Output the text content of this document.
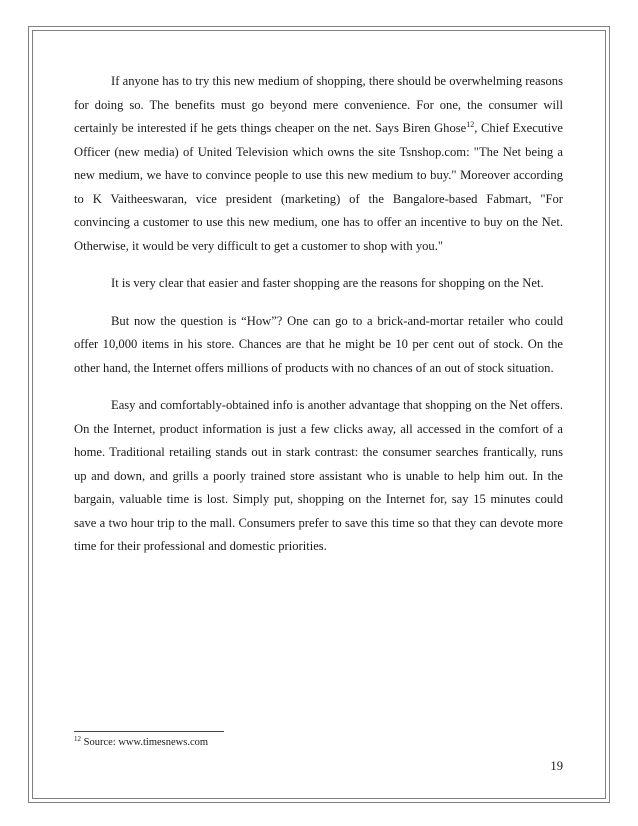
If anyone has to try this new medium of shopping, there should be overwhelming reasons for doing so. The benefits must go beyond mere convenience. For one, the consumer will certainly be interested if he gets things cheaper on the net. Says Biren Ghose$^{12}$, Chief Executive Officer (new media) of United Television which owns the site Tsnshop.com: "The Net being a new medium, we have to convince people to use this new medium to buy." Moreover according to K Vaitheeswaran, vice president (marketing) of the Bangalore-based Fabmart, "For convincing a customer to use this new medium, one has to offer an incentive to buy on the Net. Otherwise, it would be very difficult to get a customer to shop with you."

It is very clear that easier and faster shopping are the reasons for shopping on the Net.

But now the question is “How”? One can go to a brick-and-mortar retailer who could offer 10,000 items in his store. Chances are that he might be 10 per cent out of stock. On the other hand, the Internet offers millions of products with no chances of an out of stock situation.

Easy and comfortably-obtained info is another advantage that shopping on the Net offers. On the Internet, product information is just a few clicks away, all accessed in the comfort of a home. Traditional retailing stands out in stark contrast: the consumer searches frantically, runs up and down, and grills a poorly trained store assistant who is unable to help him out. In the bargain, valuable time is lost. Simply put, shopping on the Internet for, say 15 minutes could save a two hour trip to the mall. Consumers prefer to save this time so that they can devote more time for their professional and domestic priorities.

$^{12}$ Source: www.timesnews.com
19
